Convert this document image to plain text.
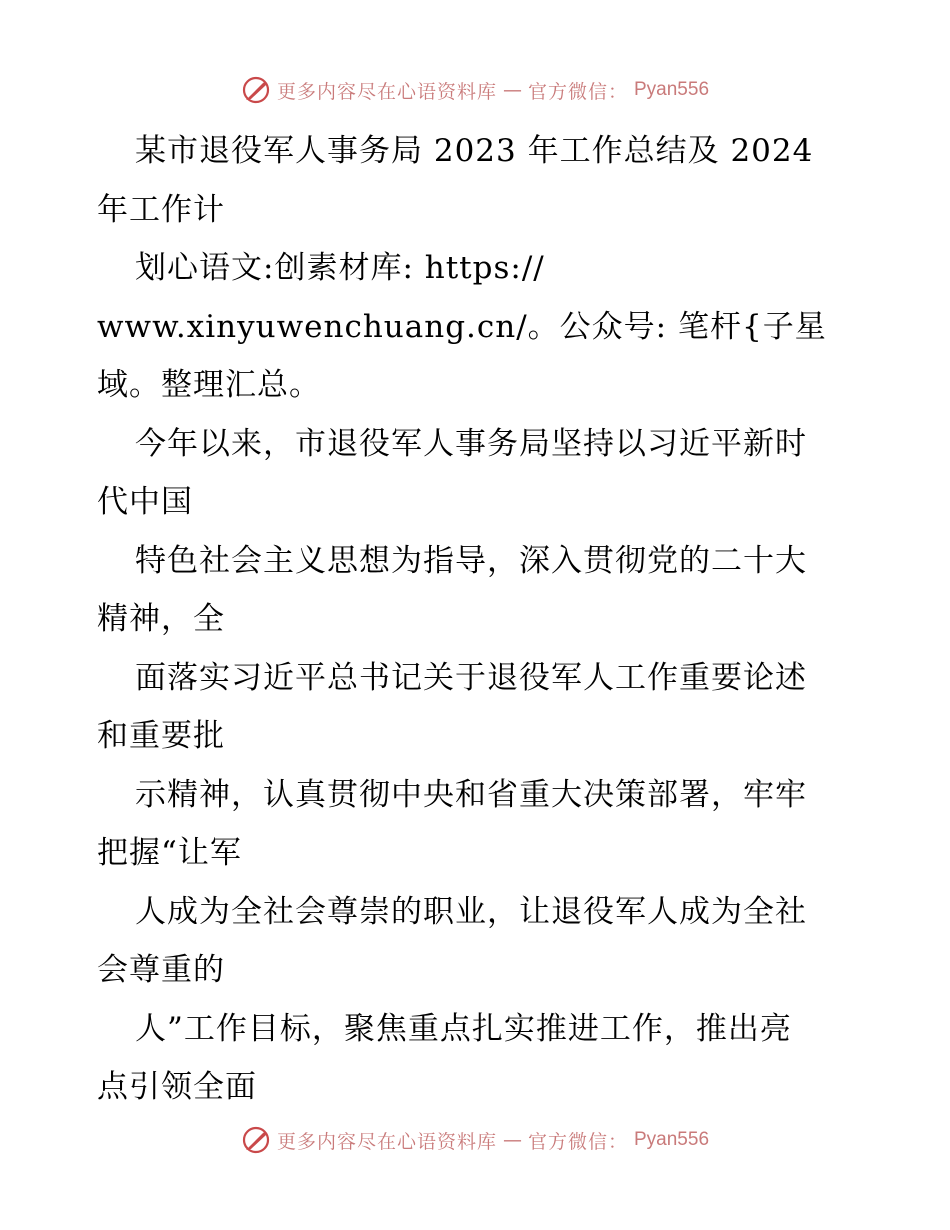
更多内容尽在心语资料库 — 官方微信： Pyan556
某市退役军人事务局 2023 年工作总结及 2024
年工作计
划心语文:创素材库: https://
www.xinyuwenchuang.cn/。公众号: 笔杆{子星
域。整理汇总。
今年以来，市退役军人事务局坚持以习近平新时
代中国
特色社会主义思想为指导，深入贯彻党的二十大
精神，全
面落实习近平总书记关于退役军人工作重要论述
和重要批
示精神，认真贯彻中央和省重大决策部署，牢牢
把握“让军
人成为全社会尊崇的职业，让退役军人成为全社
会尊重的
人”工作目标，聚焦重点扎实推进工作，推出亮
点引领全面
更多内容尽在心语资料库 — 官方微信： Pyan556
